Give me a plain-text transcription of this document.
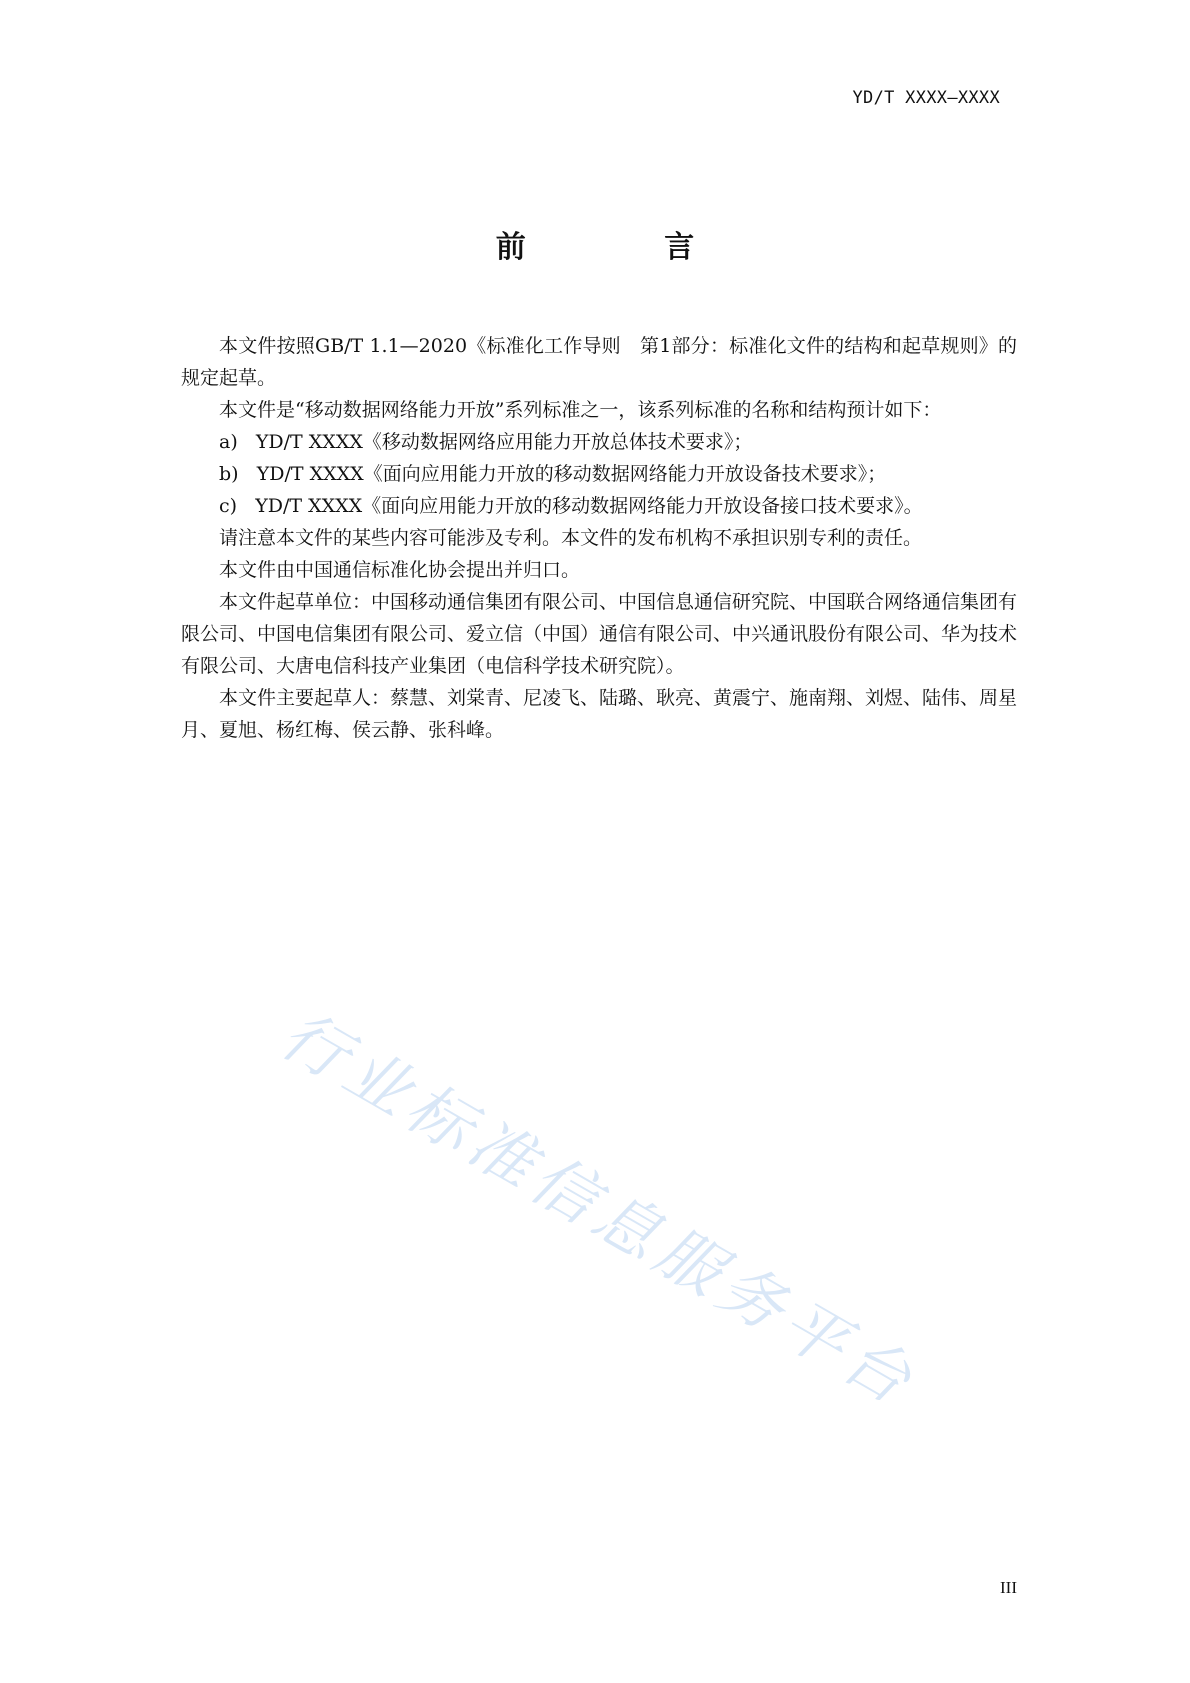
YD/T XXXX—XXXX
前 言

本文件按照GB/T 1.1—2020《标准化工作导则　第1部分：标准化文件的结构和起草规则》的规定起草。

本文件是“移动数据网络能力开放”系列标准之一，该系列标准的名称和结构预计如下：

a) YD/T XXXX《移动数据网络应用能力开放总体技术要求》；

b) YD/T XXXX《面向应用能力开放的移动数据网络能力开放设备技术要求》；

c) YD/T XXXX《面向应用能力开放的移动数据网络能力开放设备接口技术要求》。

请注意本文件的某些内容可能涉及专利。本文件的发布机构不承担识别专利的责任。

本文件由中国通信标准化协会提出并归口。

本文件起草单位：中国移动通信集团有限公司、中国信息通信研究院、中国联合网络通信集团有限公司、中国电信集团有限公司、爱立信（中国）通信有限公司、中兴通讯股份有限公司、华为技术有限公司、大唐电信科技产业集团（电信科学技术研究院）。

本文件主要起草人：蔡慧、刘棠青、尼凌飞、陆璐、耿亮、黄震宁、施南翔、刘煜、陆伟、周星月、夏旭、杨红梅、侯云静、张科峰。

行业标准信息服务平台
III
